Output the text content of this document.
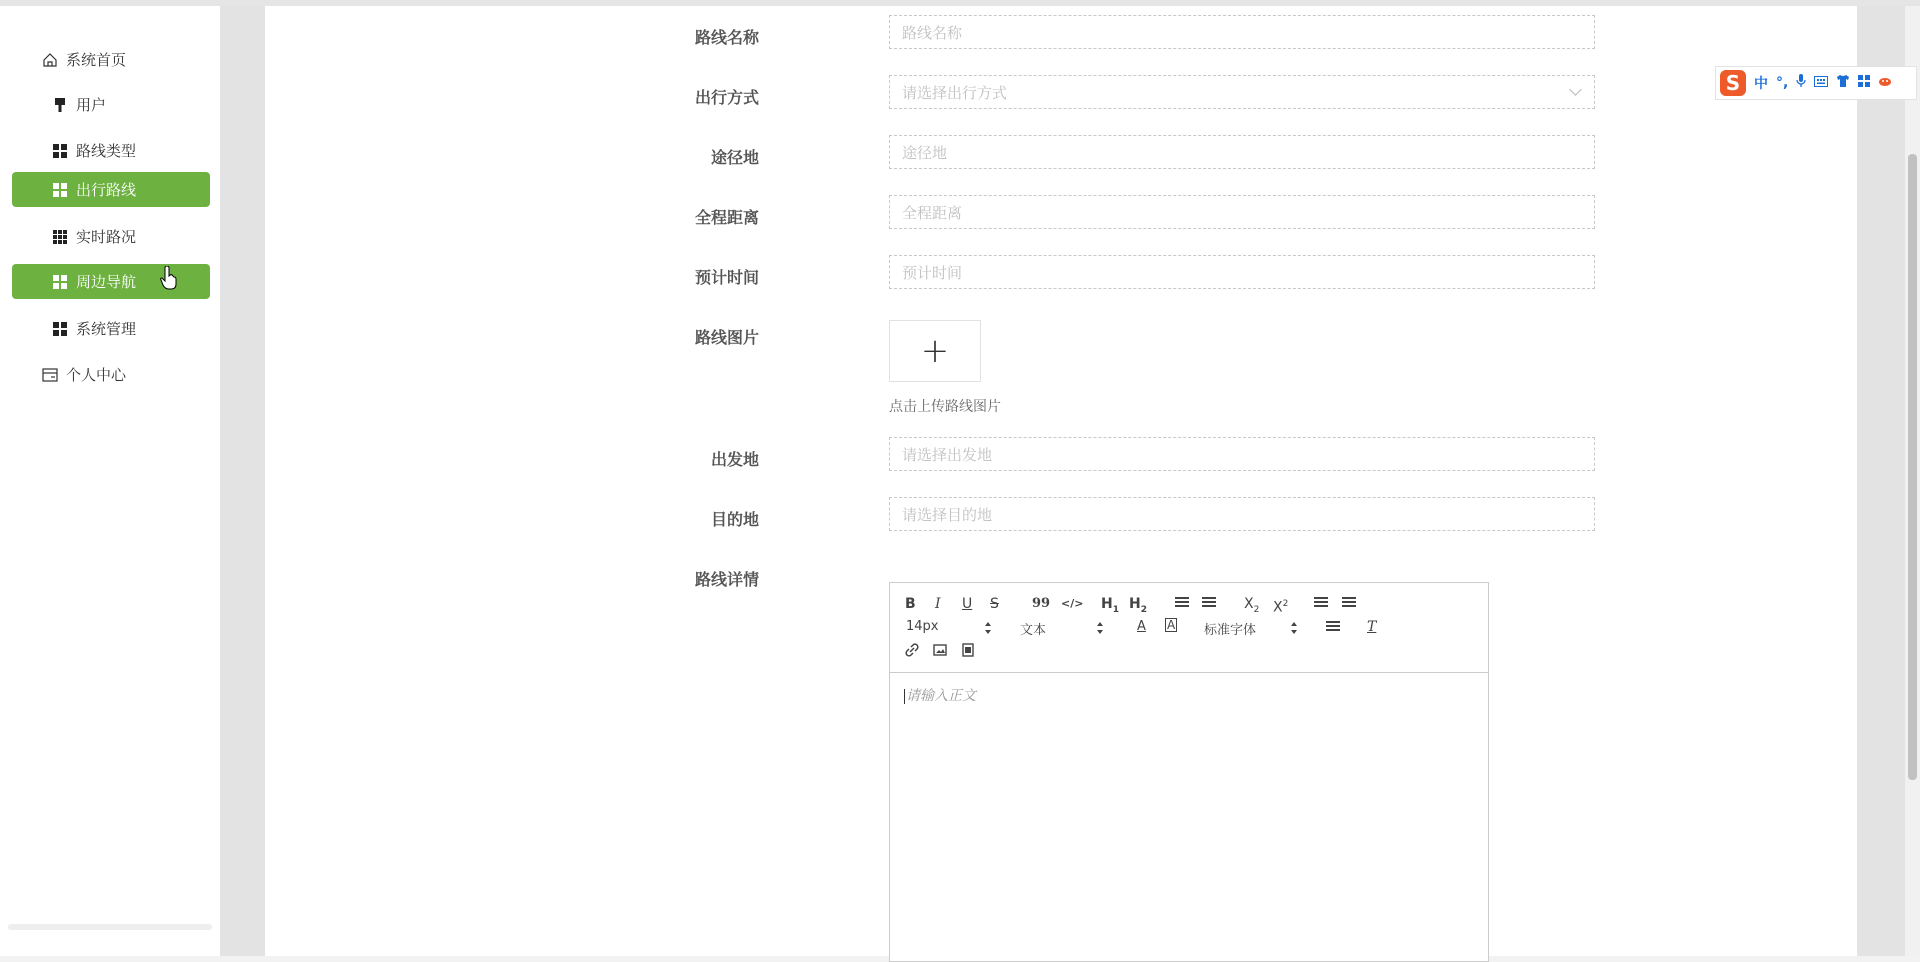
系统首页
用户
路线类型
出行路线
实时路况
周边导航
系统管理
个人中心
路线名称	路线名称
出行方式	请选择出行方式
途径地	途径地
全程距离	全程距离
预计时间	预计时间
路线图片	+
点击上传路线图片
出发地	请选择出发地
目的地	请选择目的地
路线详情
B I U S	99 </> $H_1$ $H_2$	$X_2$ $X^2$
14px	文本	A A 标准字体	T
请输入正文
S 中 °,
